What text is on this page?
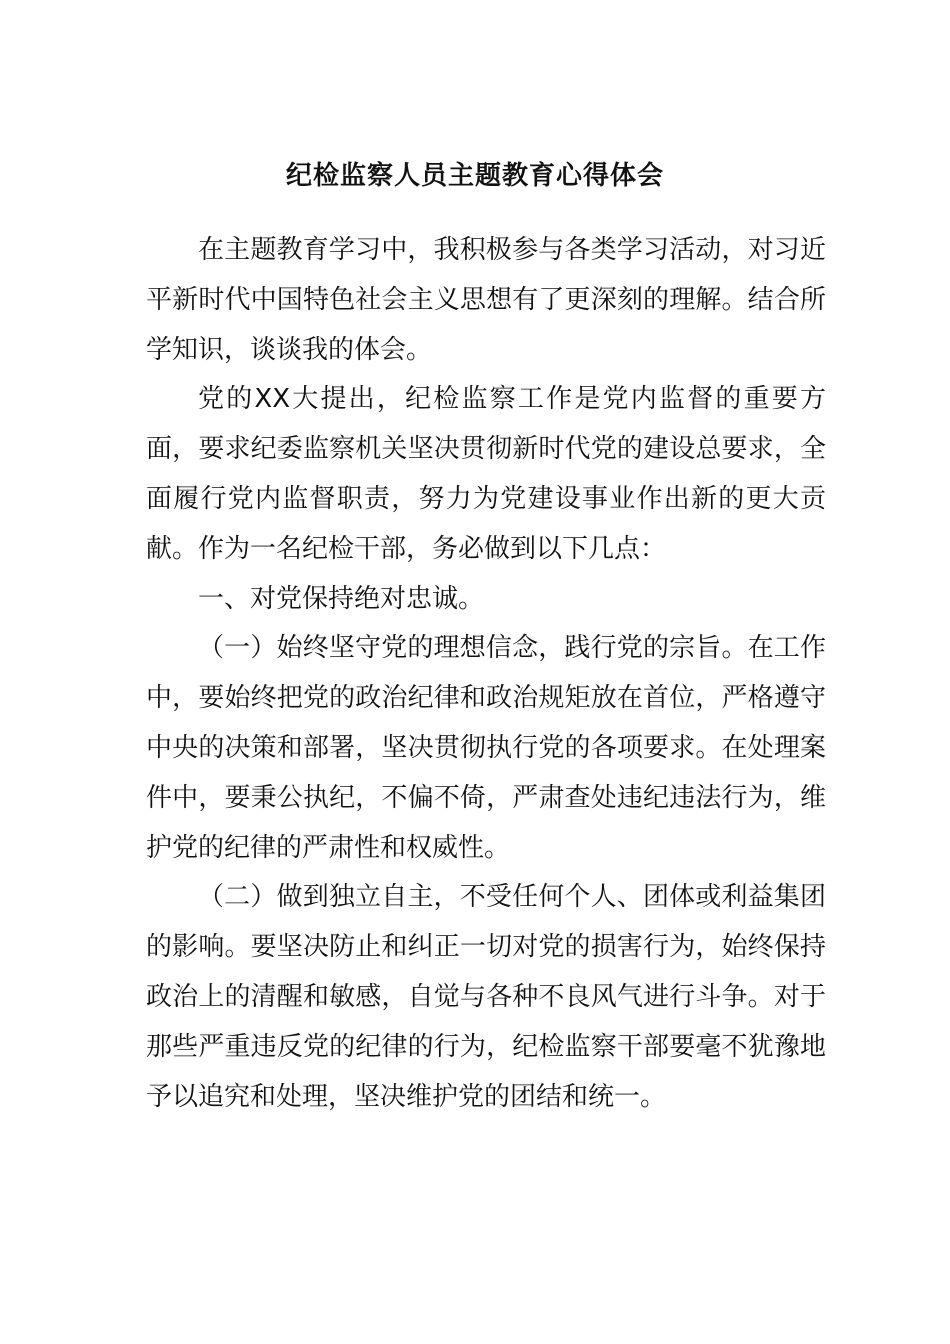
纪检监察人员主题教育心得体会

在主题教育学习中，我积极参与各类学习活动，对习近平新时代中国特色社会主义思想有了更深刻的理解。结合所学知识，谈谈我的体会。

党的XX大提出，纪检监察工作是党内监督的重要方面，要求纪委监察机关坚决贯彻新时代党的建设总要求，全面履行党内监督职责，努力为党建设事业作出新的更大贡献。作为一名纪检干部，务必做到以下几点：

一、对党保持绝对忠诚。

（一）始终坚守党的理想信念，践行党的宗旨。在工作中，要始终把党的政治纪律和政治规矩放在首位，严格遵守中央的决策和部署，坚决贯彻执行党的各项要求。在处理案件中，要秉公执纪，不偏不倚，严肃查处违纪违法行为，维护党的纪律的严肃性和权威性。

（二）做到独立自主，不受任何个人、团体或利益集团的影响。要坚决防止和纠正一切对党的损害行为，始终保持政治上的清醒和敏感，自觉与各种不良风气进行斗争。对于那些严重违反党的纪律的行为，纪检监察干部要毫不犹豫地予以追究和处理，坚决维护党的团结和统一。
